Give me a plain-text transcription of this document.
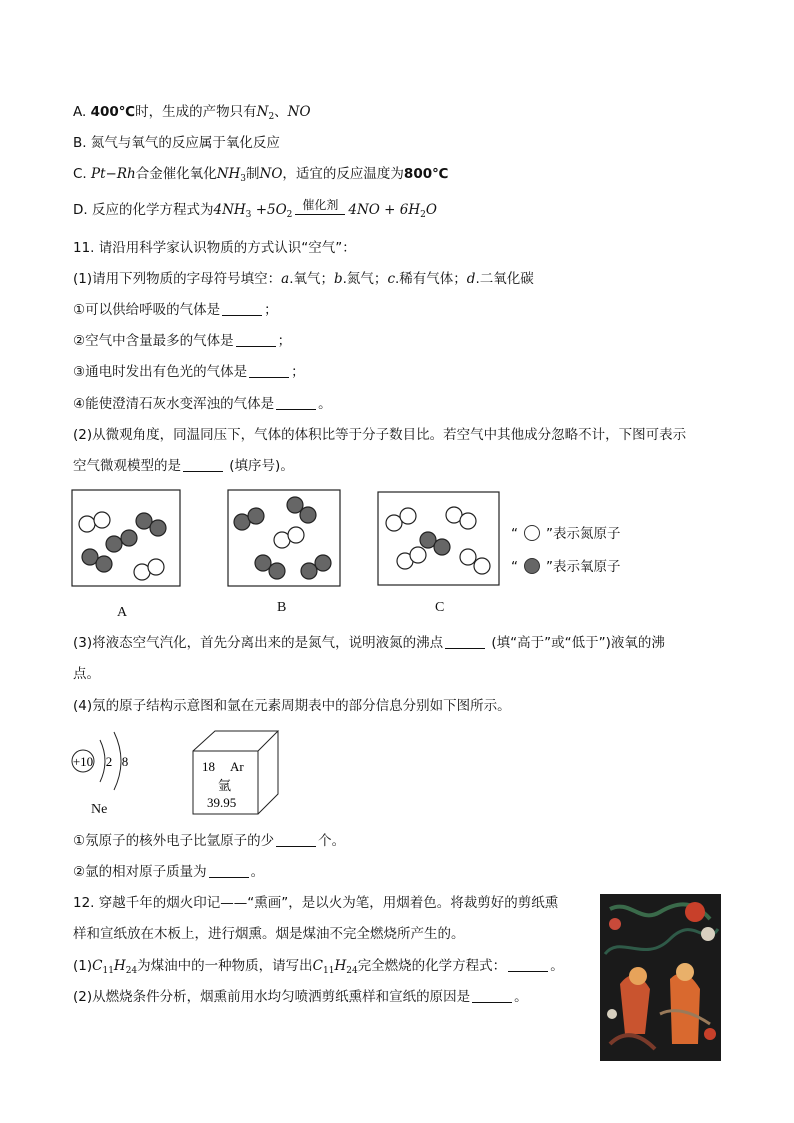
A. 400℃时，生成的产物只有$N_2$、NO
B. 氮气与氧气的反应属于氧化反应
C. Pt−Rh合金催化氧化$NH_3$制NO，适宜的反应温度为800℃
D. 反应的化学方程式为$4NH_3 +5O_2$
催化剂 $4NO + 6H_2O$
11. 请沿用科学家认识物质的方式认识“空气”：
(1)请用下列物质的字母符号填空：a.氧气；b.氮气；c.稀有气体；d.二氧化碳
①可以供给呼吸的气体是	；
②空气中含量最多的气体是	；
③通电时发出有色光的气体是	；
④能使澄清石灰水变浑浊的气体是	。
(2)从微观角度，同温同压下，气体的体积比等于分子数目比。若空气中其他成分忽略不计，下图可表示
空气微观模型的是	(填序号)。
A	B	C
“ ”表示氮原子
“ ”表示氧原子
(3)将液态空气汽化，首先分离出来的是氮气，说明液氮的沸点	(填“高于”或“低于”)液氧的沸
点。
(4)氖的原子结构示意图和氩在元素周期表中的部分信息分别如下图所示。
+10 2 8
Ne
18 Ar
氩
39.95
①氖原子的核外电子比氩原子的少	个。
②氩的相对原子质量为	。
12. 穿越千年的烟火印记——“熏画”，是以火为笔，用烟着色。将裁剪好的剪纸熏
样和宣纸放在木板上，进行烟熏。烟是煤油不完全燃烧所产生的。
$(1)C_{11}H_{24}$为煤油中的一种物质，请写出$C_{11}H_{24}$完全燃烧的化学方程式：	。
(2)从燃烧条件分析，烟熏前用水均匀喷洒剪纸熏样和宣纸的原因是	。
